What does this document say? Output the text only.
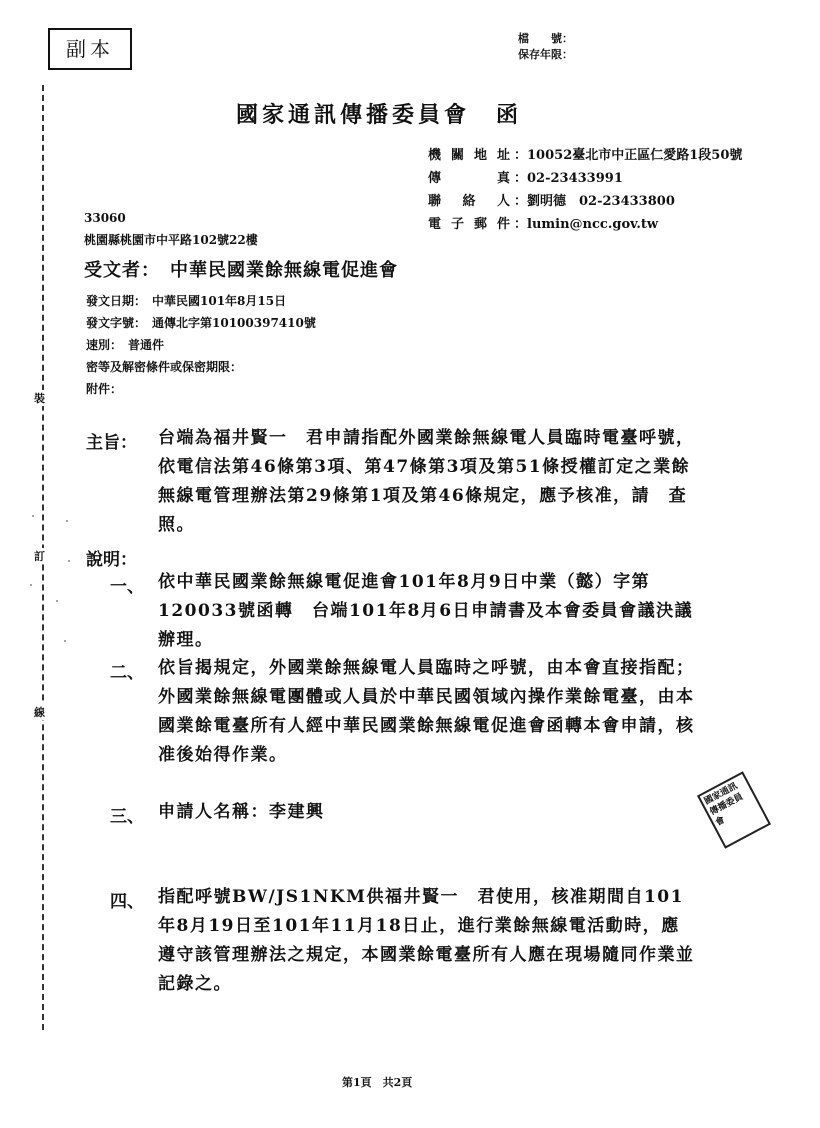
副本	檔　　號：
保存年限：
國家通訊傳播委員會　函
機關地址 ： 10052臺北市中正區仁愛路1段50號
傳　　真 ： 02-23433991
聯 絡 人 ： 劉明德　02-23433800
電子郵件 ： lumin@ncc.gov.tw
33060
桃園縣桃園市中平路102號22樓
受文者：　中華民國業餘無線電促進會
發文日期：　中華民國101年8月15日
發文字號：　通傳北字第10100397410號
速別：　普通件
密等及解密條件或保密期限：
附件：
主旨： 台端為福井賢一　君申請指配外國業餘無線電人員臨時電臺呼號，依電信法第46條第3項、第47條第3項及第51條授權訂定之業餘無線電管理辦法第29條第1項及第46條規定，應予核准，請　查照。
說明：
一、 依中華民國業餘無線電促進會101年8月9日中業（懿）字第120033號函轉　台端101年8月6日申請書及本會委員會議決議辦理。
二、 依旨揭規定，外國業餘無線電人員臨時之呼號，由本會直接指配；外國業餘無線電團體或人員於中華民國領域內操作業餘電臺，由本國業餘電臺所有人經中華民國業餘無線電促進會函轉本會申請，核准後始得作業。
三、 申請人名稱：李建興
四、 指配呼號BW/JS1NKM供福井賢一　君使用，核准期間自101年8月19日至101年11月18日止，進行業餘無線電活動時，應遵守該管理辦法之規定，本國業餘電臺所有人應在現場隨同作業並記錄之。
裝
訂
線
國家通訊傳播委員會
第1頁　共2頁
